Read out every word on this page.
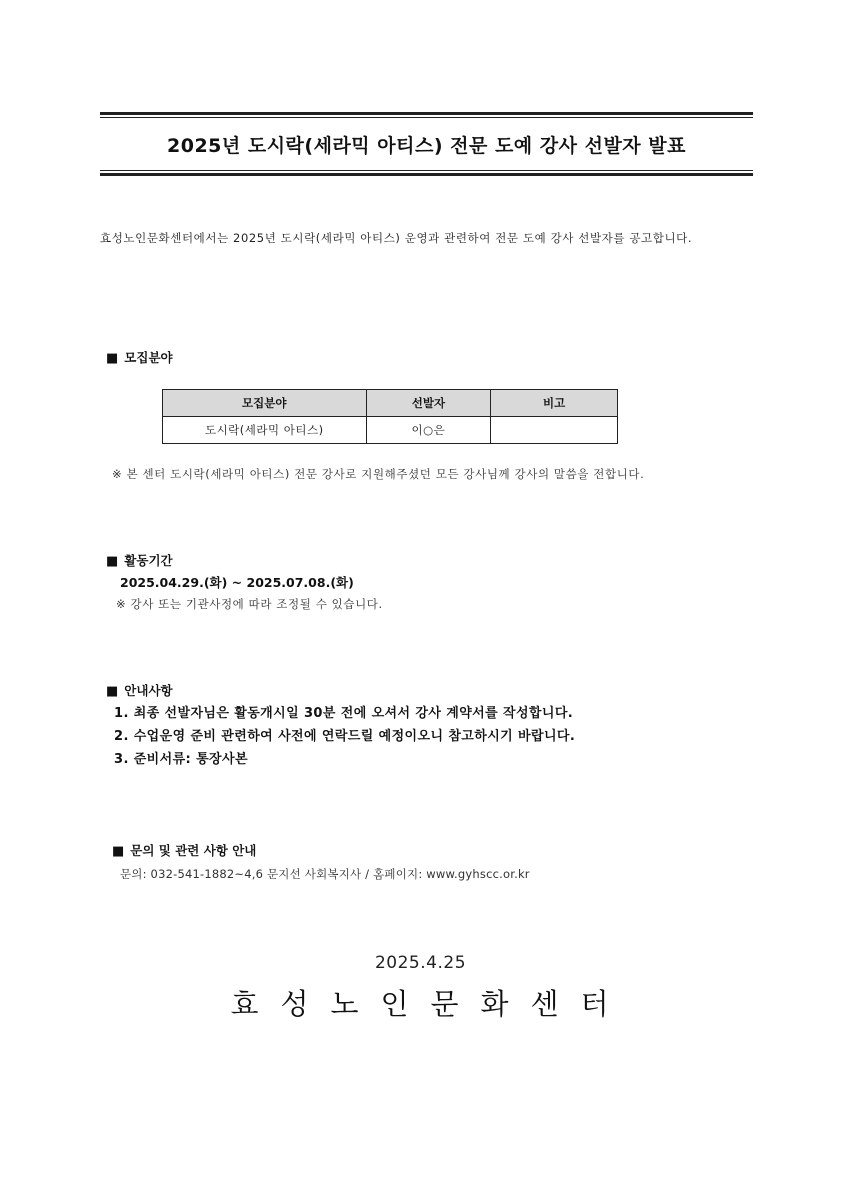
2025년 도시락(세라믹 아티스) 전문 도예 강사 선발자 발표
효성노인문화센터에서는 2025년 도시락(세라믹 아티스) 운영과 관련하여 전문 도예 강사 선발자를 공고합니다.
■ 모집분야
모집분야	선발자	비고
도시락(세라믹 아티스)	이○은	
※ 본 센터 도시락(세라믹 아티스) 전문 강사로 지원해주셨던 모든 강사님께 강사의 말씀을 전합니다.
■ 활동기간
2025.04.29.(화) ~ 2025.07.08.(화)
※ 강사 또는 기관사정에 따라 조정될 수 있습니다.
■ 안내사항
1. 최종 선발자님은 활동개시일 30분 전에 오셔서 강사 계약서를 작성합니다.
2. 수업운영 준비 관련하여 사전에 연락드릴 예정이오니 참고하시기 바랍니다.
3. 준비서류: 통장사본
■ 문의 및 관련 사항 안내
문의: 032-541-1882~4,6 문지선 사회복지사 / 홈페이지: www.gyhscc.or.kr
2025.4.25
효성노인문화센터
